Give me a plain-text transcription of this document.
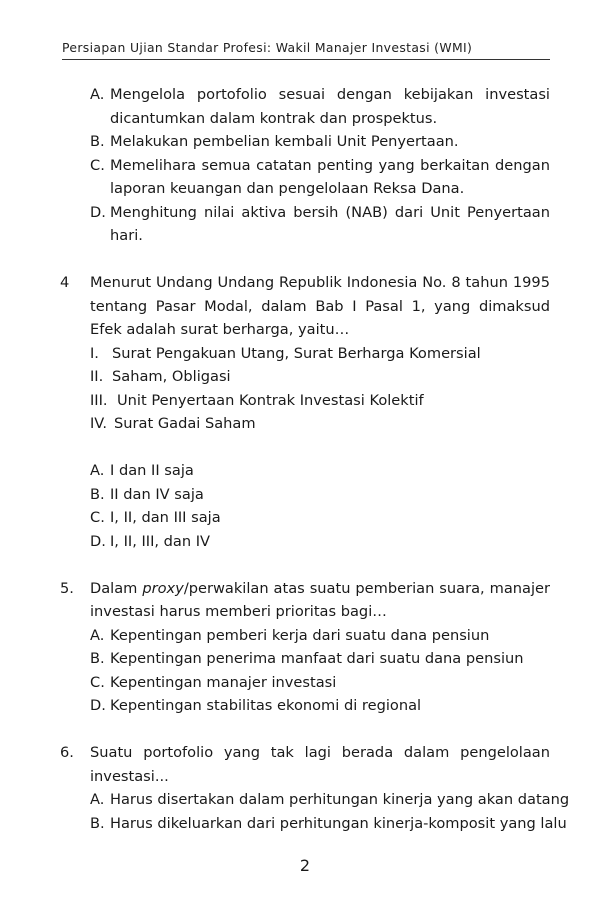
Persiapan Ujian Standar Profesi: Wakil Manajer Investasi (WMI)
A. Mengelola portofolio sesuai dengan kebijakan investasi
dicantumkan dalam kontrak dan prospektus.
B. Melakukan pembelian kembali Unit Penyertaan.
C. Memelihara semua catatan penting yang berkaitan dengan
laporan keuangan dan pengelolaan Reksa Dana.
D. Menghitung nilai aktiva bersih (NAB) dari Unit Penyertaan
hari.
4 Menurut Undang Undang Republik Indonesia No. 8 tahun 1995
tentang Pasar Modal, dalam Bab I Pasal 1, yang dimaksud
Efek adalah surat berharga, yaitu…
I. Surat Pengakuan Utang, Surat Berharga Komersial
II. Saham, Obligasi
III. Unit Penyertaan Kontrak Investasi Kolektif
IV. Surat Gadai Saham
A. I dan II saja
B. II dan IV saja
C. I, II, dan III saja
D. I, II, III, dan IV
5. Dalam proxy/perwakilan atas suatu pemberian suara, manajer
investasi harus memberi prioritas bagi…
A. Kepentingan pemberi kerja dari suatu dana pensiun
B. Kepentingan penerima manfaat dari suatu dana pensiun
C. Kepentingan manajer investasi
D. Kepentingan stabilitas ekonomi di regional
6. Suatu portofolio yang tak lagi berada dalam pengelolaan
investasi...
A. Harus disertakan dalam perhitungan kinerja yang akan datang
B. Harus dikeluarkan dari perhitungan kinerja-komposit yang lalu
2
